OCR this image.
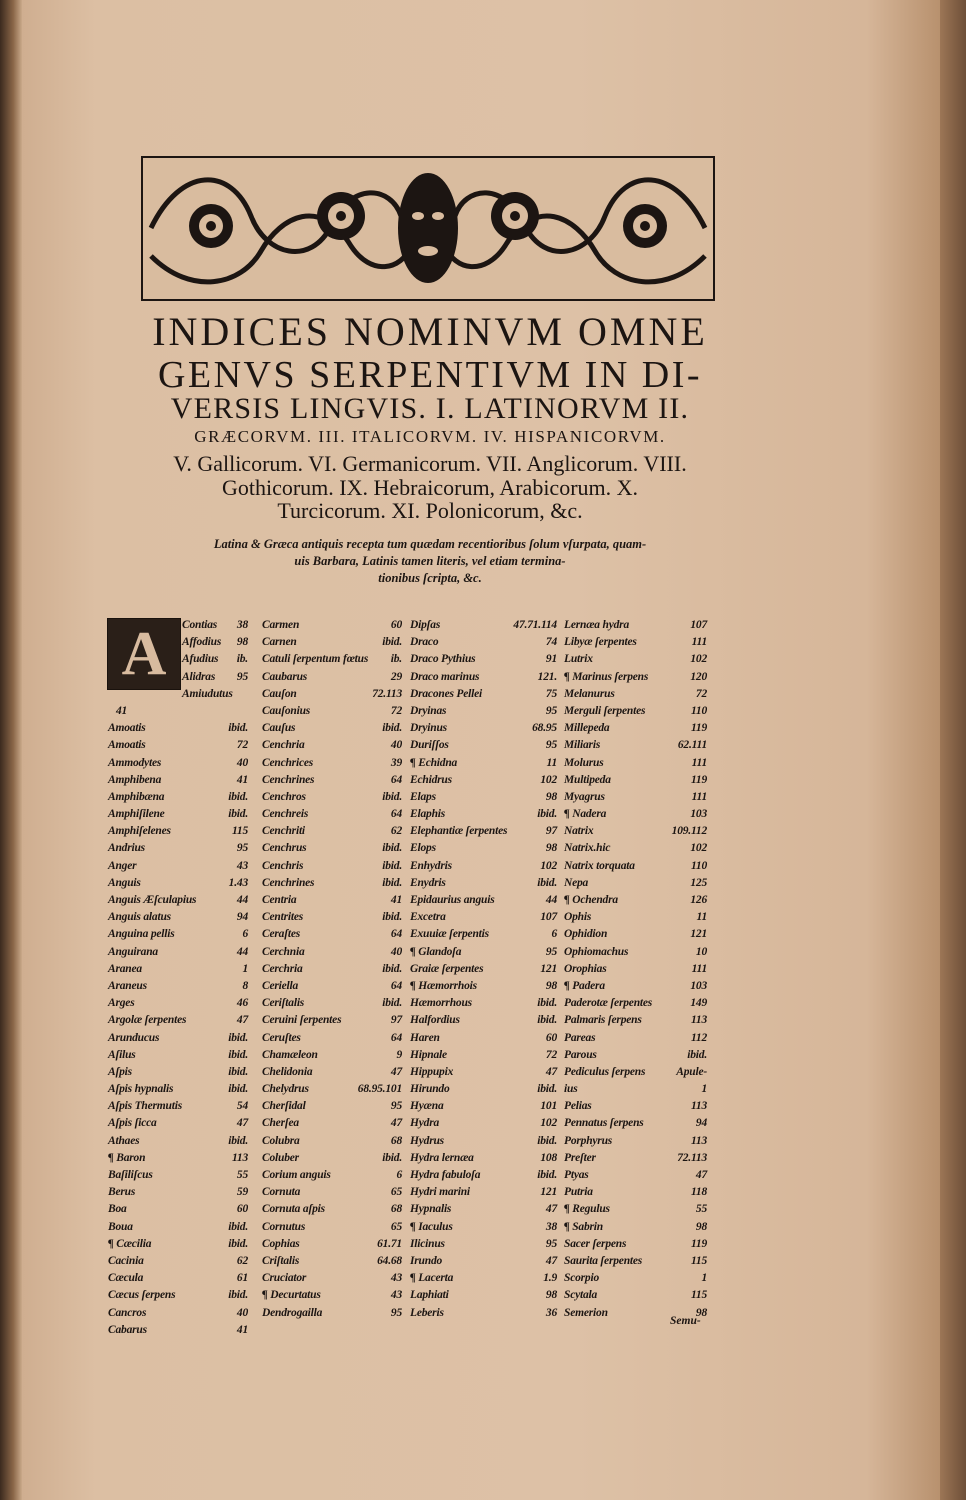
INDICES NOMINVM OMNE
GENVS SERPENTIVM IN DI-
VERSIS LINGVIS. I. LATINORVM II.
GRÆCORVM. III. ITALICORVM. IV. HISPANICORVM.
V. Gallicorum. VI. Germanicorum. VII. Anglicorum. VIII.
Gothicorum. IX. Hebraicorum, Arabicorum. X.
Turcicorum. XI. Polonicorum, &c.
Latina & Græca antiquis recepta tum quædam recentioribus ſolum vſurpata, quam-
uis Barbara, Latinis tamen literis, vel etiam termina-
tionibus ſcripta, &c.
A	Contias 38
Affodius 98
Afudius ib.
Alidras 95
Amiudutus
41
Amoatis	ibid.
Amoatis	72
Ammodytes	40
Amphibena	41
Amphibæna	ibid.
Amphiſilene	ibid.
Amphiſelenes	115
Andrius	95
Anger	43
Anguis	1.43
Anguis Æſculapius	44
Anguis alatus	94
Anguina pellis	6
Anguirana	44
Aranea	1
Araneus	8
Arges	46
Argolæ ſerpentes	47
Arunducus	ibid.
Aſilus	ibid.
Aſpis	ibid.
Aſpis hypnalis	ibid.
Aſpis Thermutis	54
Aſpis ſicca	47
Athaes	ibid.
¶ Baron	113
Baſiliſcus	55
Berus	59
Boa	60
Boua	ibid.
¶ Cæcilia	ibid.
Cacinia	62
Cæcula	61
Cæcus ſerpens	ibid.
Cancros	40
Cabarus	41
Carmen	60
Carnen	ibid.
Catuli ſerpentum fœtus ib.
Caubarus	29
Cauſon	72.113
Cauſonius	72
Cauſus	ibid.
Cenchria	40
Cenchrices	39
Cenchrines	64
Cenchros	ibid.
Cenchreis	64
Cenchriti	62
Cenchrus	ibid.
Cenchris	ibid.
Cenchrines	ibid.
Centria	41
Centrites	ibid.
Ceraſtes	64
Cerchnia	40
Cerchria	ibid.
Ceriella	64
Ceriſtalis	ibid.
Ceruini ſerpentes	97
Ceruſtes	64
Chamæleon	9
Chelidonia	47
Chelydrus	68.95.101
Cherſidal	95
Cherſea	47
Colubra	68
Coluber	ibid.
Corium anguis	6
Cornuta	65
Cornuta aſpis	68
Cornutus	65
Cophias	61.71
Criſtalis	64.68
Cruciator	43
¶ Decurtatus	43
Dendrogailla	95
Dipſas	47.71.114
Draco	74
Draco Pythius	91
Draco marinus	121.
Dracones Pellei	75
Dryinas	95
Dryinus	68.95
Duriſſos	95
¶ Echidna	11
Echidrus	102
Elaps	98
Elaphis	ibid.
Elephantiæ ſerpentes	97
Elops	98
Enhydris	102
Enydris	ibid.
Epidaurius anguis	44
Excetra	107
Exuuiæ ſerpentis	6
¶ Glandoſa	95
Graiæ ſerpentes	121
¶ Hæmorrhois	98
Hæmorrhous	ibid.
Halfordius	ibid.
Haren	60
Hipnale	72
Hippupix	47
Hirundo	ibid.
Hyæna	101
Hydra	102
Hydrus	ibid.
Hydra lernæa	108
Hydra fabuloſa	ibid.
Hydri marini	121
Hypnalis	47
¶ Iaculus	38
Ilicinus	95
Irundo	47
¶ Lacerta	1.9
Laphiati	98
Leberis	36
Lernæa hydra	107
Libyæ ſerpentes	111
Lutrix	102
¶ Marinus ſerpens	120
Melanurus	72
Merguli ſerpentes	110
Millepeda	119
Miliaris	62.111
Molurus	111
Multipeda	119
Myagrus	111
¶ Nadera	103
Natrix	109.112
Natrix.hic	102
Natrix torquata	110
Nepa	125
¶ Ochendra	126
Ophis	11
Ophidion	121
Ophiomachus	10
Orophias	111
¶ Padera	103
Paderotæ ſerpentes	149
Palmaris ſerpens	113
Pareas	112
Parous	ibid.
Pediculus ſerpens	Apule-
ius	1
Pelias	113
Pennatus ſerpens	94
Porphyrus	113
Preſter	72.113
Ptyas	47
Putria	118
¶ Regulus	55
¶ Sabrin	98
Sacer ſerpens	119
Saurita ſerpentes	115
Scorpio	1
Scytala	115
Semerion	98
Semu-
